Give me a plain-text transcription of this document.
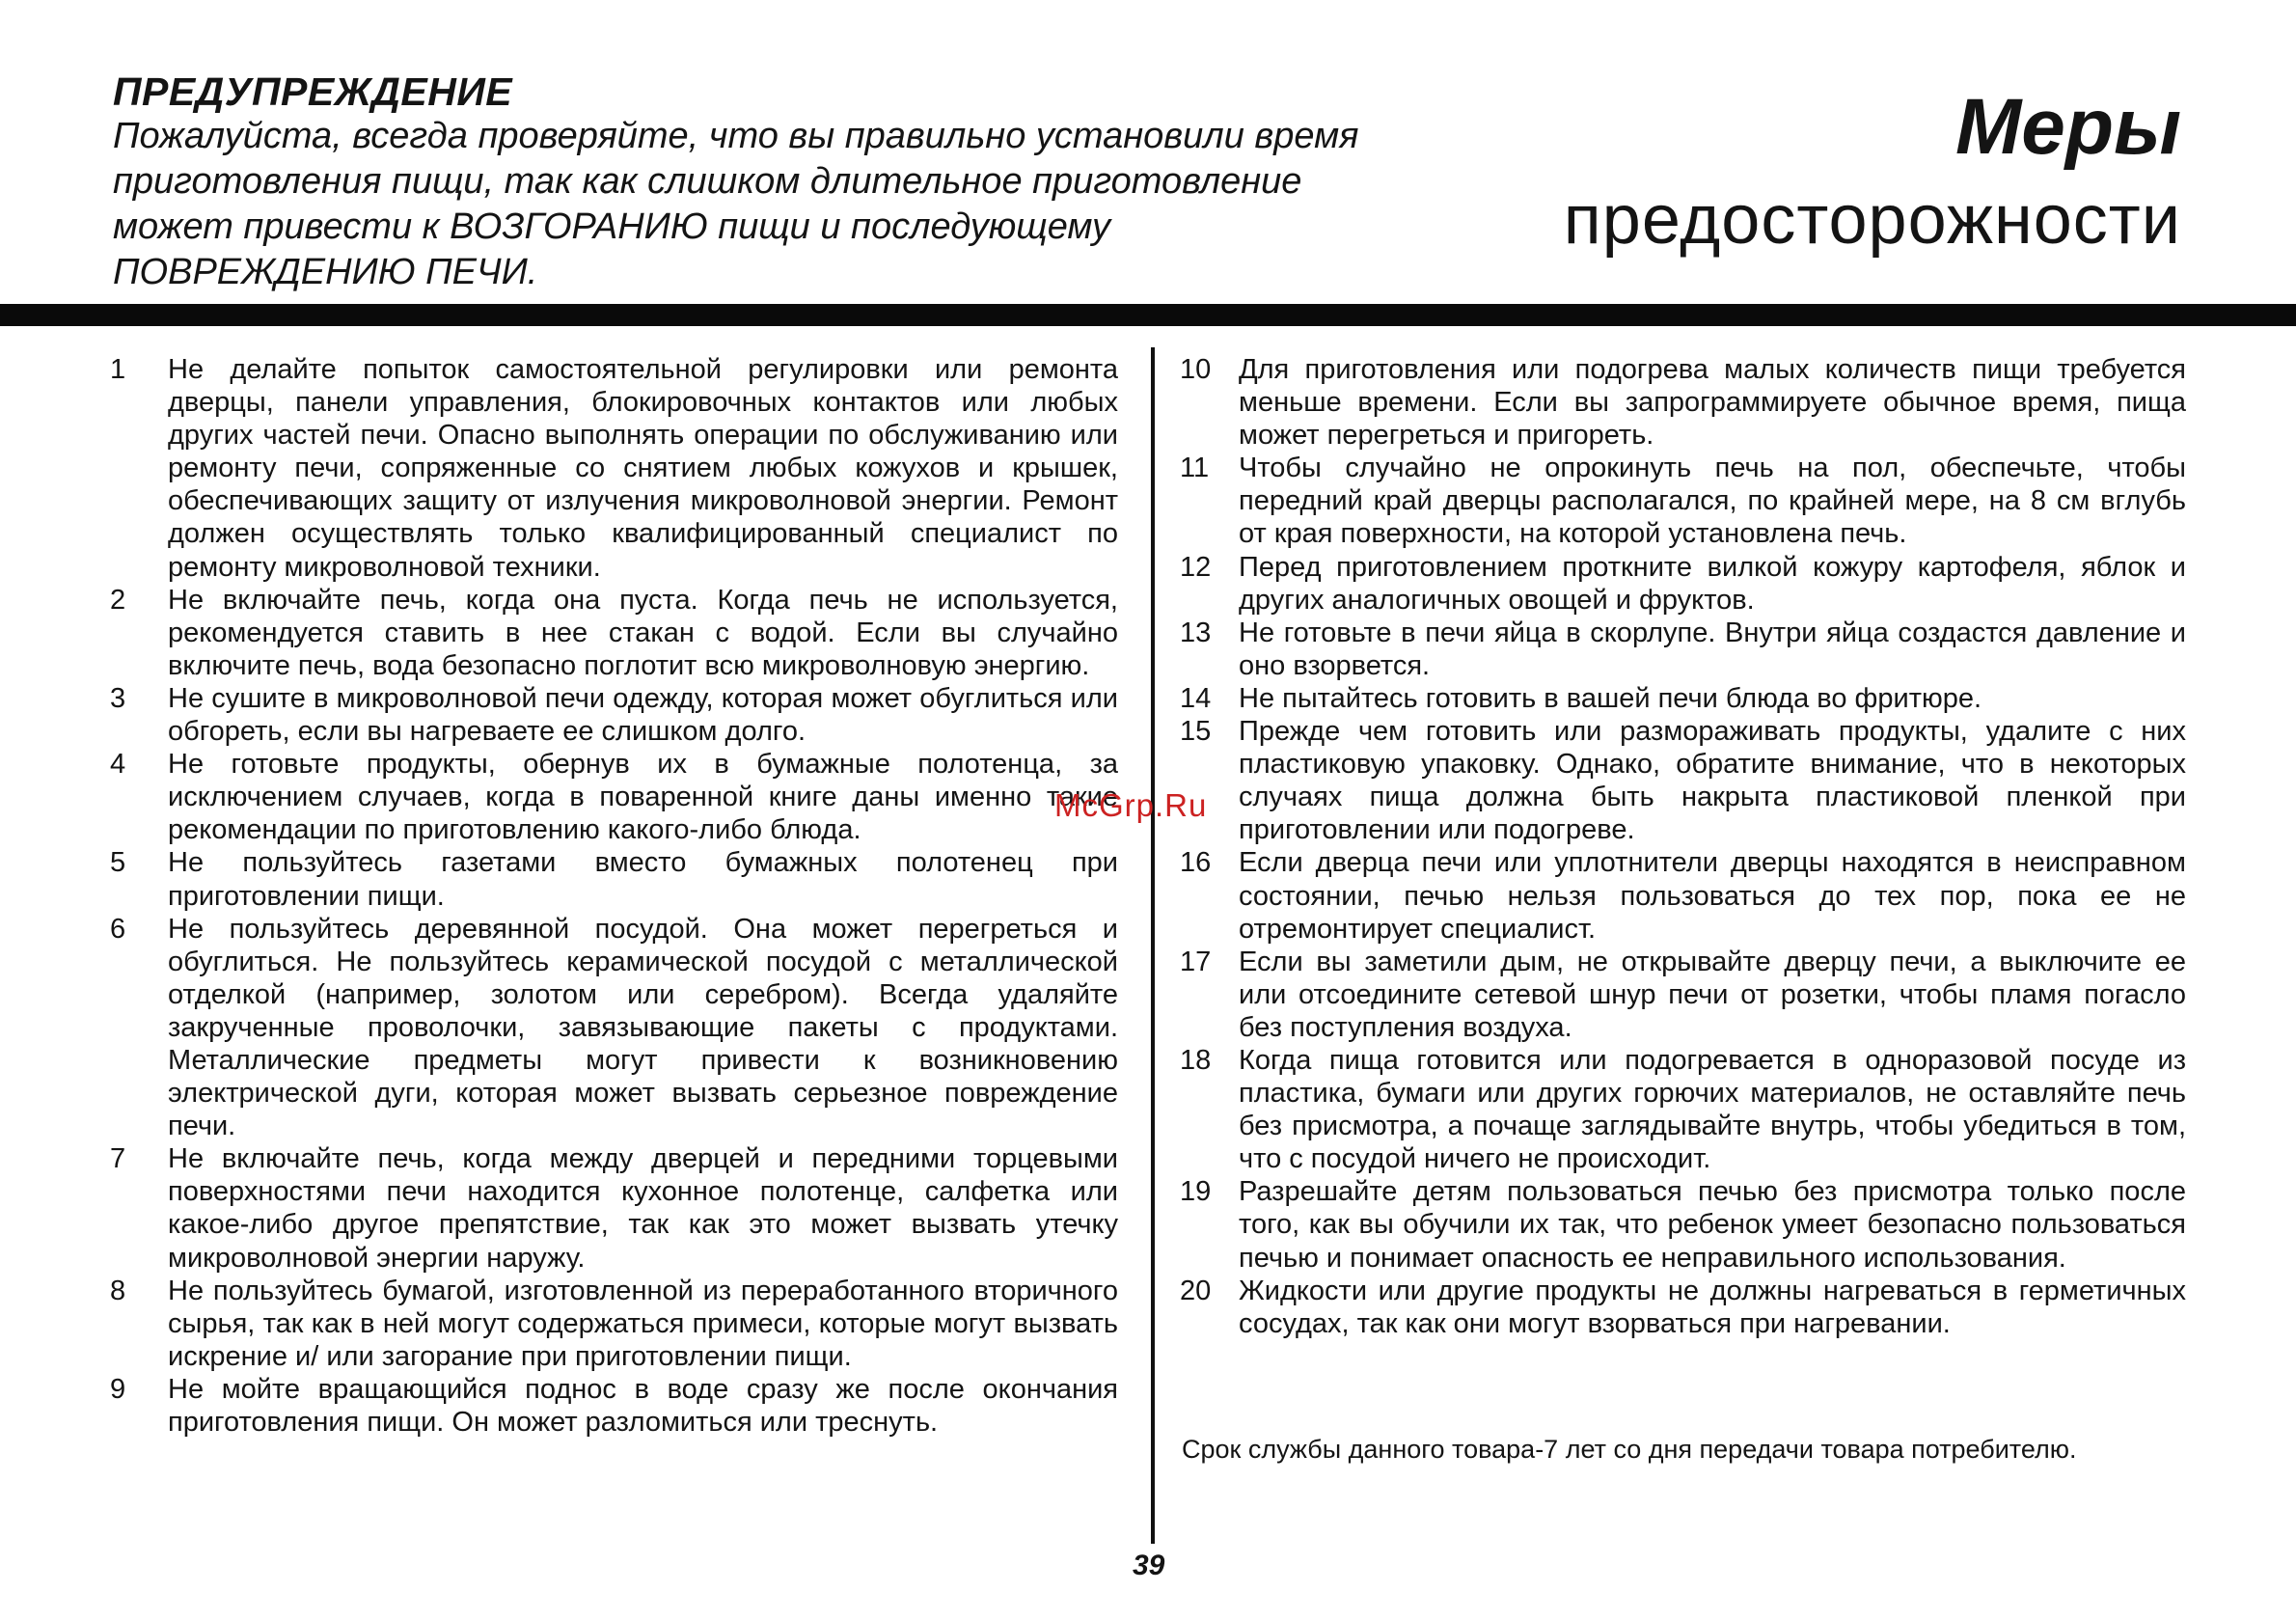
ПРЕДУПРЕЖДЕНИЕ
Пожалуйста, всегда проверяйте, что вы правильно установили время приготовления пищи, так как слишком длительное приготовление может привести к ВОЗГОРАНИЮ пищи и последующему ПОВРЕЖДЕНИЮ ПЕЧИ.
Меры
предосторожности
1	Не делайте попыток самостоятельной регулировки или ремонта дверцы, панели управления, блокировочных контактов или любых других частей печи. Опасно выполнять операции по обслуживанию или ремонту печи, сопряженные со снятием любых кожухов и крышек, обеспечивающих защиту от излучения микроволновой энергии. Ремонт должен осуществлять только квалифицированный специалист по ремонту микроволновой техники.
2	Не включайте печь, когда она пуста. Когда печь не используется, рекомендуется ставить в нее стакан с водой. Если вы случайно включите печь, вода безопасно поглотит всю микроволновую энергию.
3	Не сушите в микроволновой печи одежду, которая может обуглиться или обгореть, если вы нагреваете ее слишком долго.
4	Не готовьте продукты, обернув их в бумажные полотенца, за исключением случаев, когда в поваренной книге даны именно такие рекомендации по приготовлению какого-либо блюда.
5	Не пользуйтесь газетами вместо бумажных полотенец при приготовлении пищи.
6	Не пользуйтесь деревянной посудой. Она может перегреться и обуглиться. Не пользуйтесь керамической посудой с металлической отделкой (например, золотом или серебром). Всегда удаляйте закрученные проволочки, завязывающие пакеты с продуктами. Металлические предметы могут привести к возникновению электрической дуги, которая может вызвать серьезное повреждение печи.
7	Не включайте печь, когда между дверцей и передними торцевыми поверхностями печи находится кухонное полотенце, салфетка или какое-либо другое препятствие, так как это может вызвать утечку микроволновой энергии наружу.
8	Не пользуйтесь бумагой, изготовленной из переработанного вторичного сырья, так как в ней могут содержаться примеси, которые могут вызвать искрение и/ или загорание при приготовлении пищи.
9	Не мойте вращающийся поднос в воде сразу же после окончания приготовления пищи. Он может разломиться или треснуть.
10 Для приготовления или подогрева малых количеств пищи требуется меньше времени. Если вы запрограммируете обычное время, пища может перегреться и пригореть.
11	Чтобы случайно не опрокинуть печь на пол, обеспечьте, чтобы передний край дверцы располагался, по крайней мере, на 8 см вглубь от края поверхности, на которой установлена печь.
12 Перед приготовлением проткните вилкой кожуру картофеля, яблок и других аналогичных овощей и фруктов.
13 Не готовьте в печи яйца в скорлупе. Внутри яйца создастся давление и оно взорвется.
14 Не пытайтесь готовить в вашей печи блюда во фритюре.
15 Прежде чем готовить или размораживать продукты, удалите с них пластиковую упаковку. Однако, обратите внимание, что в некоторых случаях пища должна быть накрыта пластиковой пленкой при приготовлении или подогреве.
16 Если дверца печи или уплотнители дверцы находятся в неисправном состоянии, печью нельзя пользоваться до тех пор, пока ее не отремонтирует специалист.
17 Если вы заметили дым, не открывайте дверцу печи, а выключите ее или отсоедините сетевой шнур печи от розетки, чтобы пламя погасло без поступления воздуха.
18 Когда пища готовится или подогревается в одноразовой посуде из пластика, бумаги или других горючих материалов, не оставляйте печь без присмотра, а почаще заглядывайте внутрь, чтобы убедиться в том, что с посудой ничего не происходит.
19 Разрешайте детям пользоваться печью без присмотра только после того, как вы обучили их так, что ребенок умеет безопасно пользоваться печью и понимает опасность ее неправильного использования.
20 Жидкости или другие продукты не должны нагреваться в герметичных сосудах, так как они могут взорваться при нагревании.
Срок службы данного товара-7 лет со дня передачи товара потребителю.
39
McGrp.Ru
